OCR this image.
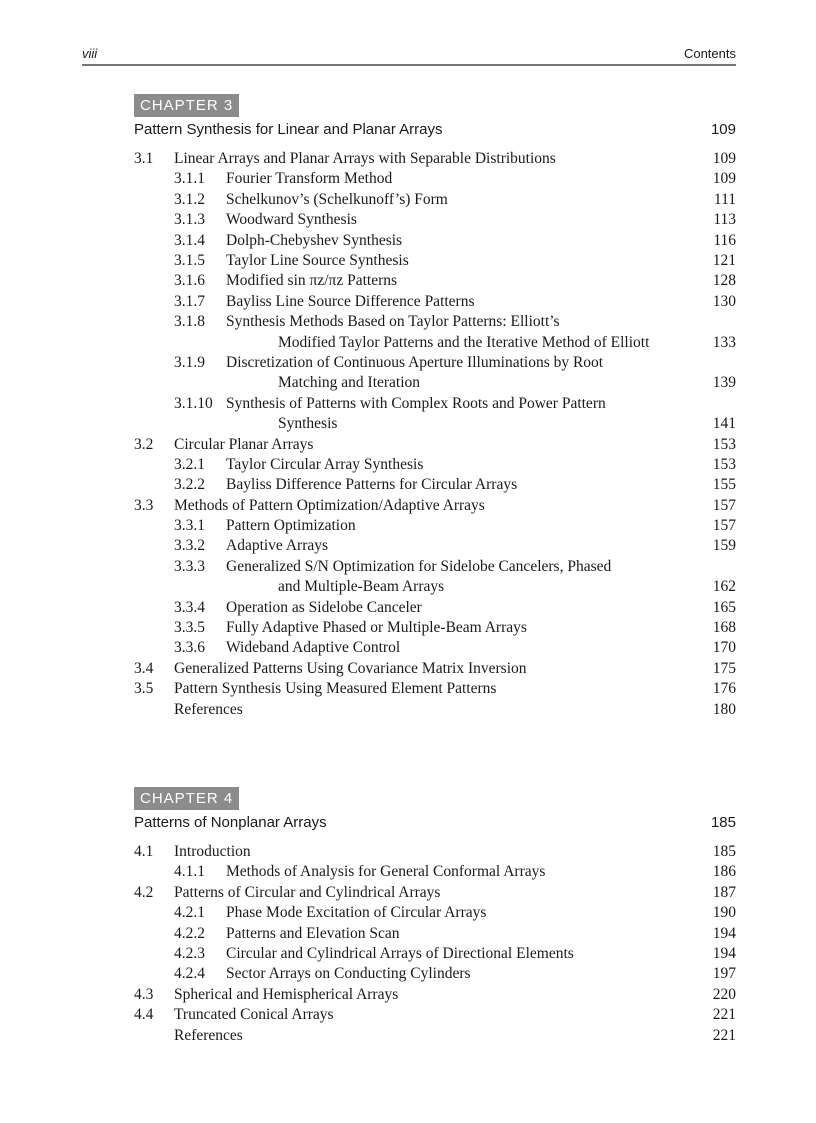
viii	Contents
CHAPTER 3
Pattern Synthesis for Linear and Planar Arrays	109
3.1 Linear Arrays and Planar Arrays with Separable Distributions	109
3.1.1 Fourier Transform Method	109
3.1.2 Schelkunov’s (Schelkunoff’s) Form	111
3.1.3 Woodward Synthesis	113
3.1.4 Dolph-Chebyshev Synthesis	116
3.1.5 Taylor Line Source Synthesis	121
3.1.6 Modified sin πz/πz Patterns	128
3.1.7 Bayliss Line Source Difference Patterns	130
3.1.8 Synthesis Methods Based on Taylor Patterns: Elliott’s
Modified Taylor Patterns and the Iterative Method of Elliott	133
3.1.9 Discretization of Continuous Aperture Illuminations by Root
Matching and Iteration	139
3.1.10 Synthesis of Patterns with Complex Roots and Power Pattern
Synthesis	141
3.2 Circular Planar Arrays	153
3.2.1 Taylor Circular Array Synthesis	153
3.2.2 Bayliss Difference Patterns for Circular Arrays	155
3.3 Methods of Pattern Optimization/Adaptive Arrays	157
3.3.1 Pattern Optimization	157
3.3.2 Adaptive Arrays	159
3.3.3 Generalized S/N Optimization for Sidelobe Cancelers, Phased
and Multiple-Beam Arrays	162
3.3.4 Operation as Sidelobe Canceler	165
3.3.5 Fully Adaptive Phased or Multiple-Beam Arrays	168
3.3.6 Wideband Adaptive Control	170
3.4 Generalized Patterns Using Covariance Matrix Inversion	175
3.5 Pattern Synthesis Using Measured Element Patterns	176
References	180
CHAPTER 4
Patterns of Nonplanar Arrays	185
4.1 Introduction	185
4.1.1 Methods of Analysis for General Conformal Arrays	186
4.2 Patterns of Circular and Cylindrical Arrays	187
4.2.1 Phase Mode Excitation of Circular Arrays	190
4.2.2 Patterns and Elevation Scan	194
4.2.3 Circular and Cylindrical Arrays of Directional Elements	194
4.2.4 Sector Arrays on Conducting Cylinders	197
4.3 Spherical and Hemispherical Arrays	220
4.4 Truncated Conical Arrays	221
References	221
